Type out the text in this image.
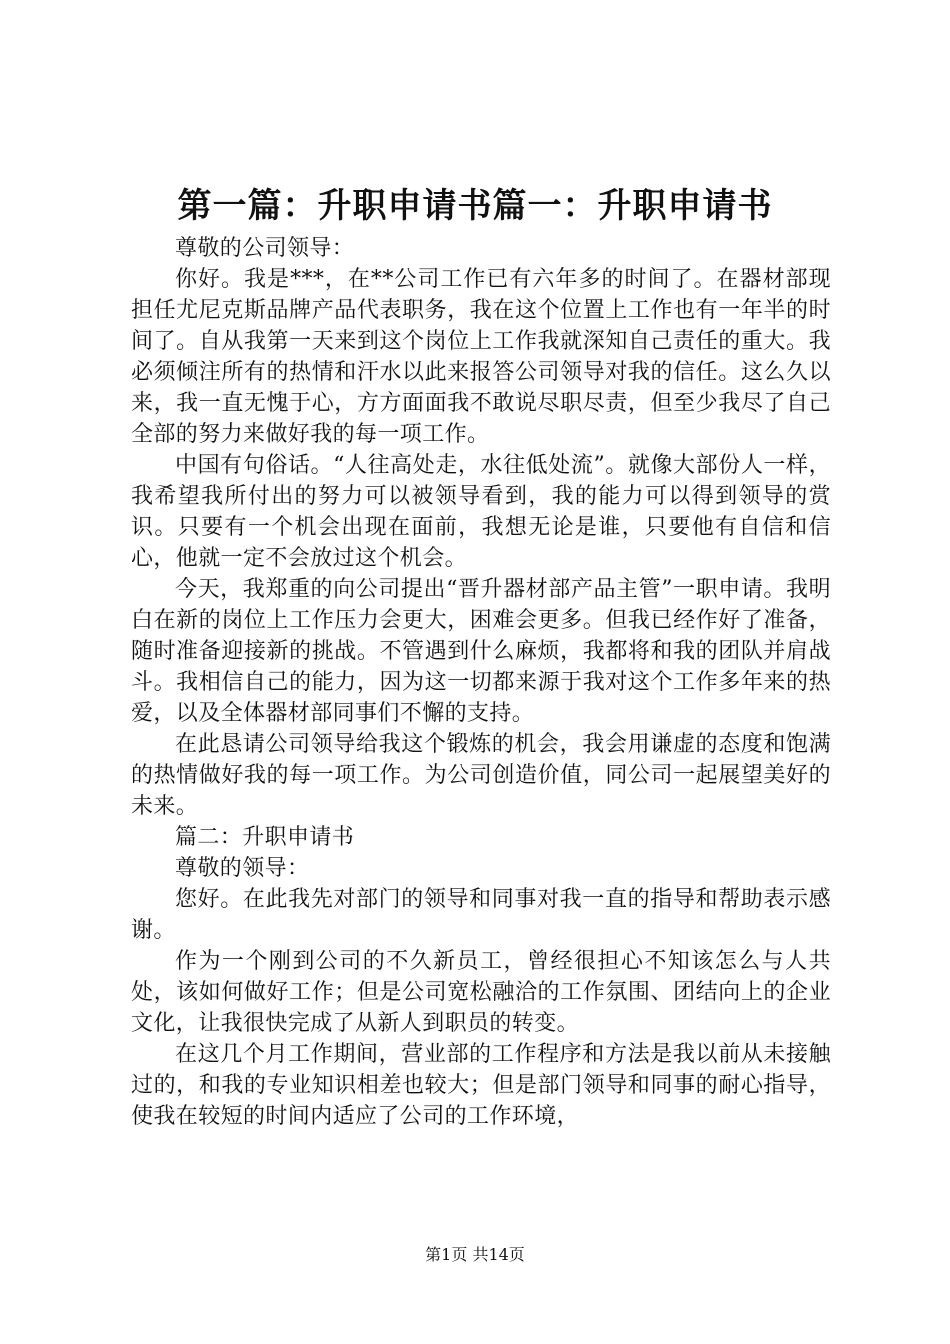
第一篇：升职申请书篇一：升职申请书

尊敬的公司领导：

你好。我是***，在**公司工作已有六年多的时间了。在器材部现担任尤尼克斯品牌产品代表职务，我在这个位置上工作也有一年半的时间了。自从我第一天来到这个岗位上工作我就深知自己责任的重大。我必须倾注所有的热情和汗水以此来报答公司领导对我的信任。这么久以来，我一直无愧于心，方方面面我不敢说尽职尽责，但至少我尽了自己全部的努力来做好我的每一项工作。

中国有句俗话。“人往高处走，水往低处流”。就像大部份人一样，我希望我所付出的努力可以被领导看到，我的能力可以得到领导的赏识。只要有一个机会出现在面前，我想无论是谁，只要他有自信和信心，他就一定不会放过这个机会。

今天，我郑重的向公司提出“晋升器材部产品主管”一职申请。我明白在新的岗位上工作压力会更大，困难会更多。但我已经作好了准备，随时准备迎接新的挑战。不管遇到什么麻烦，我都将和我的团队并肩战斗。我相信自己的能力，因为这一切都来源于我对这个工作多年来的热爱，以及全体器材部同事们不懈的支持。

在此恳请公司领导给我这个锻炼的机会，我会用谦虚的态度和饱满的热情做好我的每一项工作。为公司创造价值，同公司一起展望美好的未来。

篇二：升职申请书

尊敬的领导：

您好。在此我先对部门的领导和同事对我一直的指导和帮助表示感谢。

作为一个刚到公司的不久新员工，曾经很担心不知该怎么与人共处，该如何做好工作；但是公司宽松融洽的工作氛围、团结向上的企业文化，让我很快完成了从新人到职员的转变。

在这几个月工作期间，营业部的工作程序和方法是我以前从未接触过的，和我的专业知识相差也较大；但是部门领导和同事的耐心指导，使我在较短的时间内适应了公司的工作环境，

第1页 共14页
